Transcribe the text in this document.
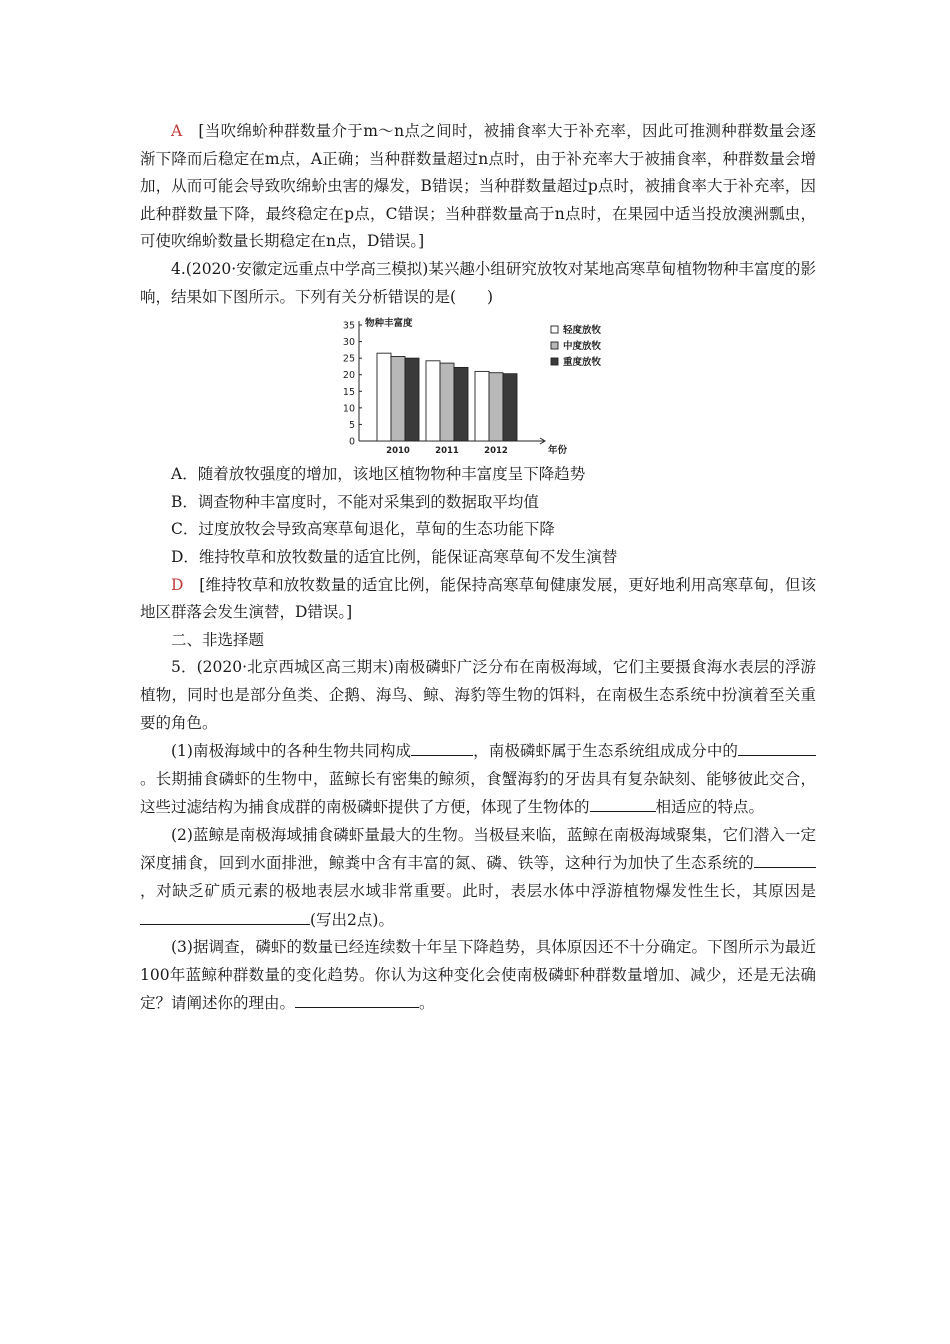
A　 [当吹绵蚧种群数量介于m～n点之间时，被捕食率大于补充率，因此可推测种群数量会逐渐下降而后稳定在m点，A正确；当种群数量超过n点时，由于补充率大于被捕食率，种群数量会增加，从而可能会导致吹绵蚧虫害的爆发，B错误；当种群数量超过p点时，被捕食率大于补充率，因此种群数量下降，最终稳定在p点，C错误；当种群数量高于n点时，在果园中适当投放澳洲瓢虫，可使吹绵蚧数量长期稳定在n点，D错误。]

4.(2020·安徽定远重点中学高三模拟)某兴趣小组研究放牧对某地高寒草甸植物物种丰富度的影响，结果如下图所示。下列有关分析错误的是(　　)

0
5
10
15
20
25
30
35 物种丰富度
年份
2010	2011	2012
轻度放牧
中度放牧
重度放牧

A．随着放牧强度的增加，该地区植物物种丰富度呈下降趋势

B．调查物种丰富度时，不能对采集到的数据取平均值

C．过度放牧会导致高寒草甸退化，草甸的生态功能下降

D．维持牧草和放牧数量的适宜比例，能保证高寒草甸不发生演替

D　 [维持牧草和放牧数量的适宜比例，能保持高寒草甸健康发展，更好地利用高寒草甸，但该地区群落会发生演替，D错误。]

二、非选择题

5．(2020·北京西城区高三期末)南极磷虾广泛分布在南极海域，它们主要摄食海水表层的浮游植物，同时也是部分鱼类、企鹅、海鸟、鲸、海豹等生物的饵料，在南极生态系统中扮演着至关重要的角色。

(1)南极海域中的各种生物共同构成	，南极磷虾属于生态系统组成成分中的。长期捕食磷虾的生物中，蓝鲸长有密集的鲸须，食蟹海豹的牙齿具有复杂缺刻、能够彼此交合，这些过滤结构为捕食成群的南极磷虾提供了方便，体现了生物体的	相适应的特点。

(2)蓝鲸是南极海域捕食磷虾量最大的生物。当极昼来临，蓝鲸在南极海域聚集，它们潜入一定深度捕食，回到水面排泄，鲸粪中含有丰富的氮、磷、铁等，这种行为加快了生态系统的，对缺乏矿质元素的极地表层水域非常重要。此时，表层水体中浮游植物爆发性生长，其原因是(写出2点)。

(3)据调查，磷虾的数量已经连续数十年呈下降趋势，具体原因还不十分确定。下图所示为最近100年蓝鲸种群数量的变化趋势。你认为这种变化会使南极磷虾种群数量增加、减少，还是无法确定？请阐述你的理由。	。
